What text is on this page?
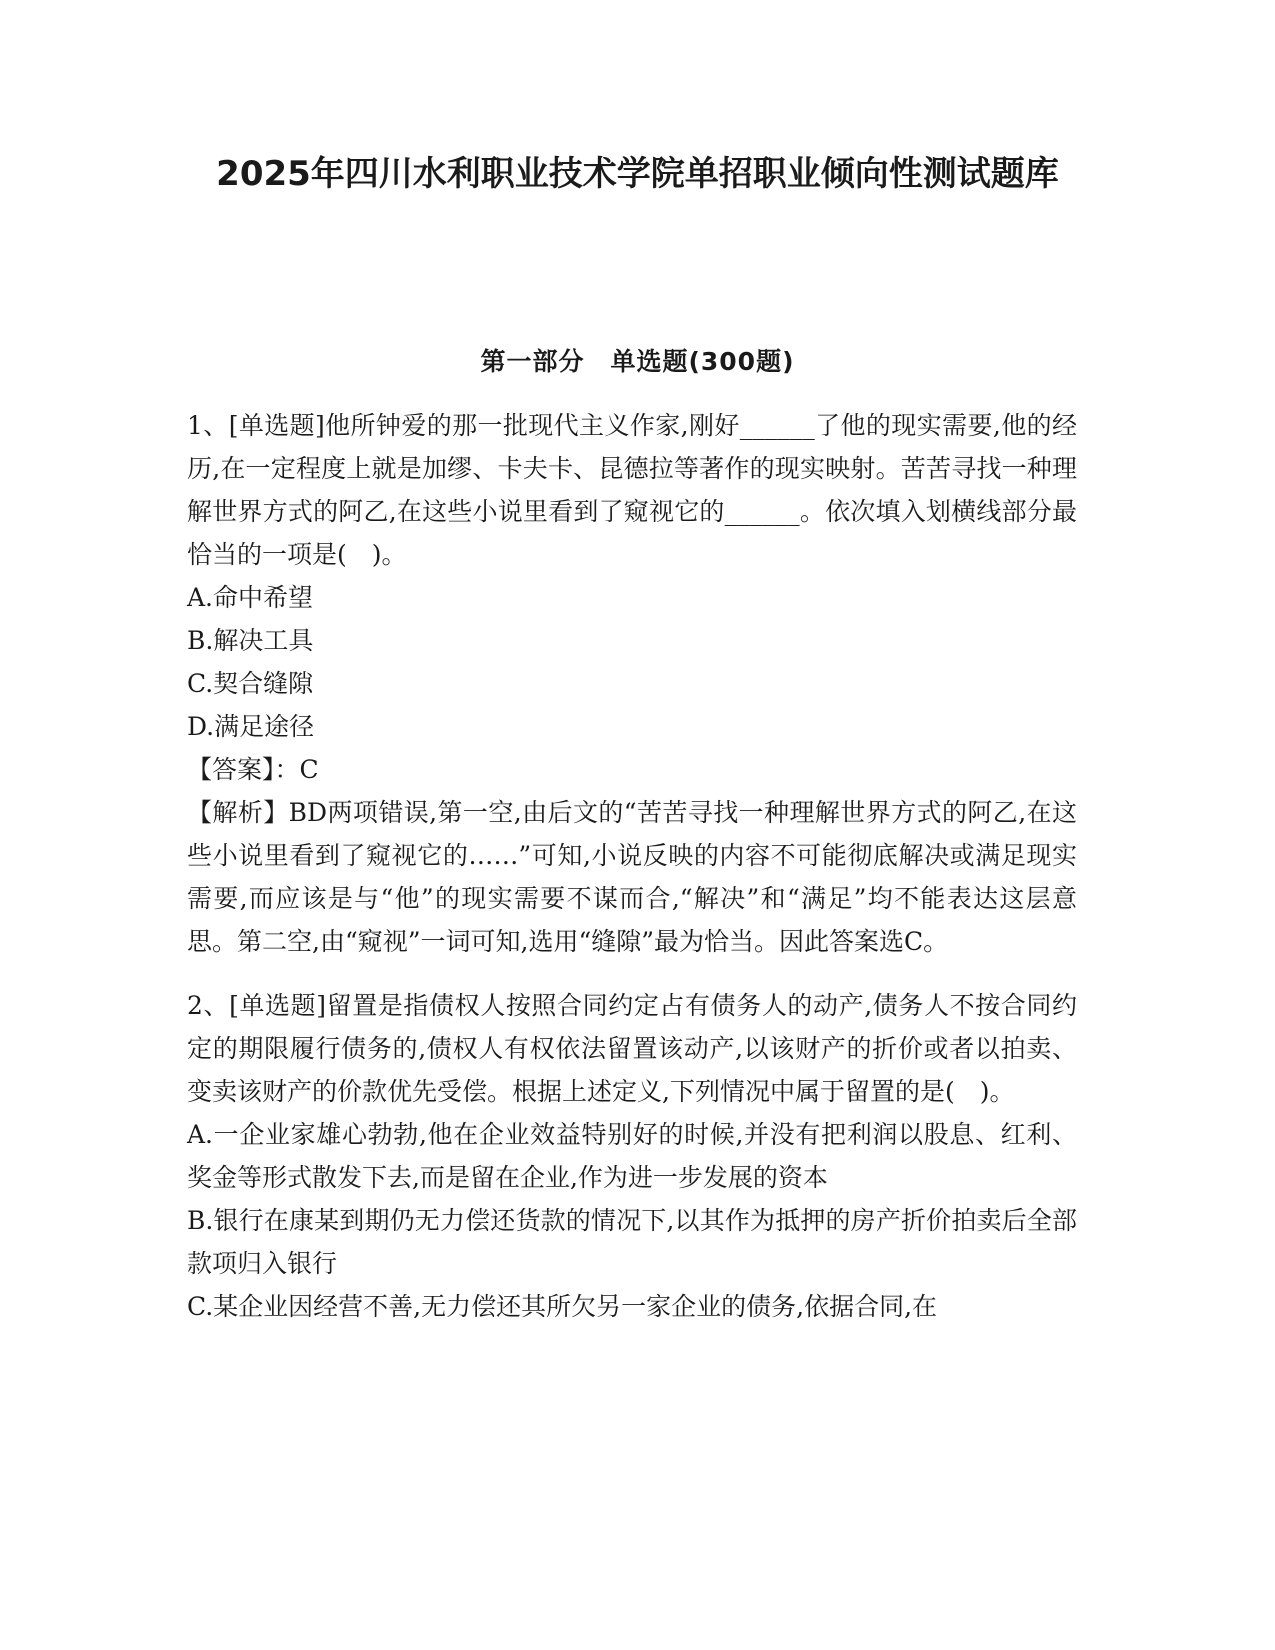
2025年四川水利职业技术学院单招职业倾向性测试题库
第一部分　单选题(300题)

1、[单选题]他所钟爱的那一批现代主义作家,刚好______了他的现实需要,他的经历,在一定程度上就是加缪、卡夫卡、昆德拉等著作的现实映射。苦苦寻找一种理解世界方式的阿乙,在这些小说里看到了窥视它的______。依次填入划横线部分最恰当的一项是(　)。

A.命中希望

B.解决工具

C.契合缝隙

D.满足途径

【答案】：C

【解析】BD两项错误,第一空,由后文的“苦苦寻找一种理解世界方式的阿乙,在这些小说里看到了窥视它的……”可知,小说反映的内容不可能彻底解决或满足现实需要,而应该是与“他”的现实需要不谋而合,“解决”和“满足”均不能表达这层意思。第二空,由“窥视”一词可知,选用“缝隙”最为恰当。因此答案选C。

2、[单选题]留置是指债权人按照合同约定占有债务人的动产,债务人不按合同约定的期限履行债务的,债权人有权依法留置该动产,以该财产的折价或者以拍卖、变卖该财产的价款优先受偿。根据上述定义,下列情况中属于留置的是(　)。

A.一企业家雄心勃勃,他在企业效益特别好的时候,并没有把利润以股息、红利、奖金等形式散发下去,而是留在企业,作为进一步发展的资本

B.银行在康某到期仍无力偿还货款的情况下,以其作为抵押的房产折价拍卖后全部款项归入银行

C.某企业因经营不善,无力偿还其所欠另一家企业的债务,依据合同,在
